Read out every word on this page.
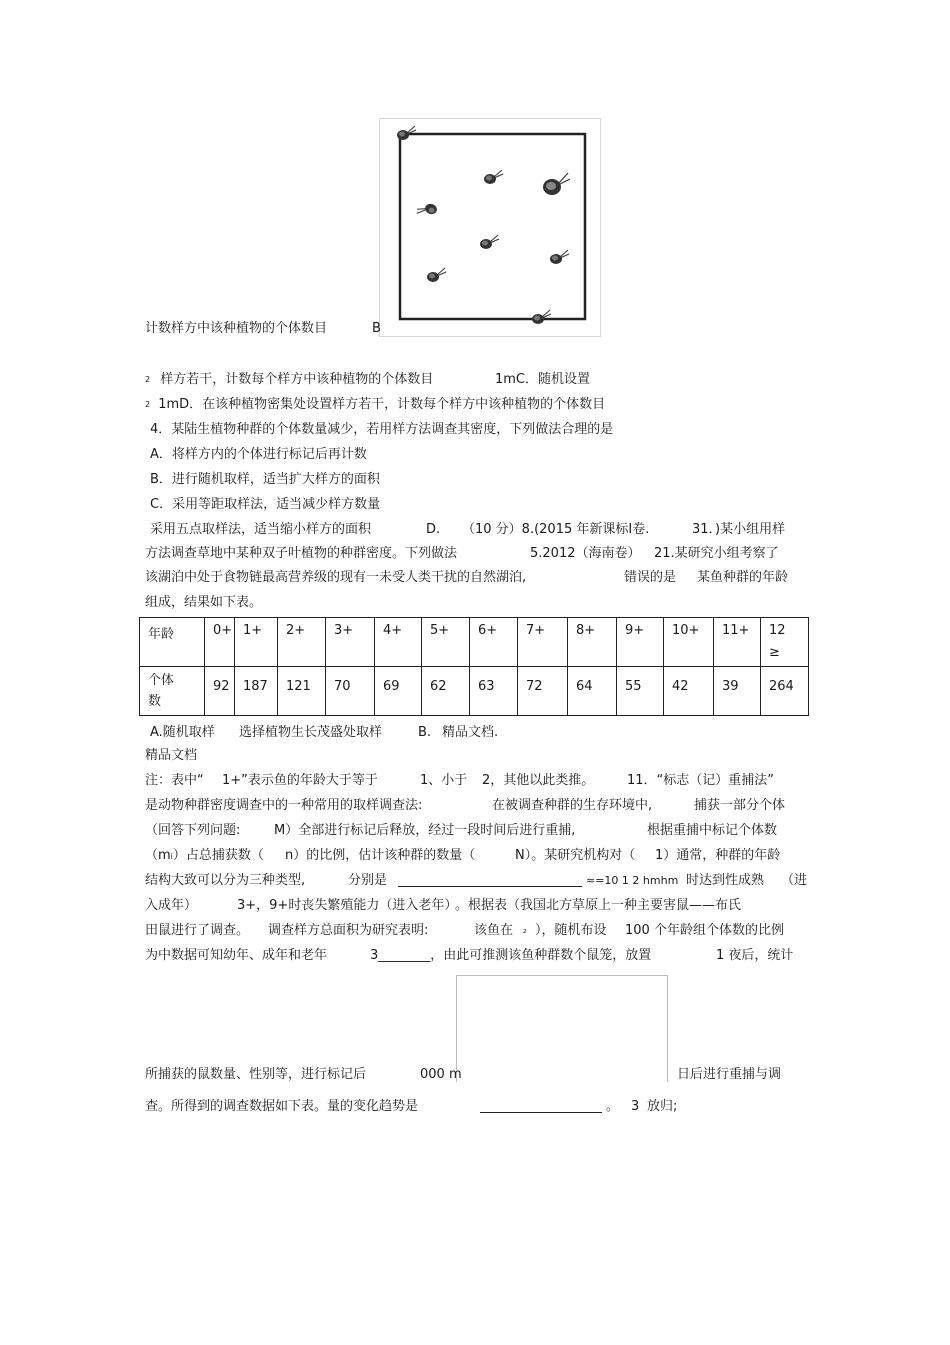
计数样方中该种植物的个体数目	B
$^2$ 样方若干，计数每个样方中该种植物的个体数目	1mC．随机设置
$^2$ 1mD．在该种植物密集处设置样方若干，计数每个样方中该种植物的个体数目
4．某陆生植物种群的个体数量减少，若用样方法调查其密度，下列做法合理的是
A．将样方内的个体进行标记后再计数
B．进行随机取样，适当扩大样方的面积
C．采用等距取样法，适当减少样方数量
采用五点取样法，适当缩小样方的面积	D. （10 分）8.(2015 年新课标Ⅰ卷.	31．)某小组用样
方法调查草地中某种双子叶植物的种群密度。下列做法	5.2012（海南卷） 21.某研究小组考察了
该湖泊中处于食物链最高营养级的现有一未受人类干扰的自然湖泊,	错误的是 某鱼种群的年龄
组成，结果如下表。
年龄	0+	1+	2+	3+	4+	5+	6+	7+	8+	9+	10+	11+	12
≥
个体
数	92	187	121	70	69	62	63	72	64	55	42	39	264
A.随机取样 选择植物生长茂盛处取样	B. 精品文档.
精品文档
注：表中“ 1+”表示鱼的年龄大于等于	1、小于 2，其他以此类推。	11．“标志（记）重捕法”
是动物种群密度调查中的一种常用的取样调查法:	在被调查种群的生存环境中,	捕获一部分个体
（回答下列问题:	M）全部进行标记后释放，经过一段时间后进行重捕,	根据重捕中标记个体数
（mi）占总捕获数（ n）的比例，估计该种群的数量（	N）。某研究机构对（ 1）通常，种群的年龄
结构大致可以分为三种类型,	分别是	≈=10 1 2 hmhm 时达到性成熟 （进
入成年）	3+，9+时丧失繁殖能力（进入老年）
。根据表（我国北方草原上一种主要害鼠——布氏
田鼠进行了调查。 调查样方总面积为研究表明:	该鱼在 ₂ ），随机布设 100 个年龄组个体数的比例
为中数据可知幼年、成年和老年	3________，由此可推测该鱼种群数个鼠笼，放置	1 夜后，统计
所捕获的鼠数量、性别等，进行标记后	000 m	日后进行重捕与调
查。所得到的调查数据如下表。量的变化趋势是	。 3 放归;
